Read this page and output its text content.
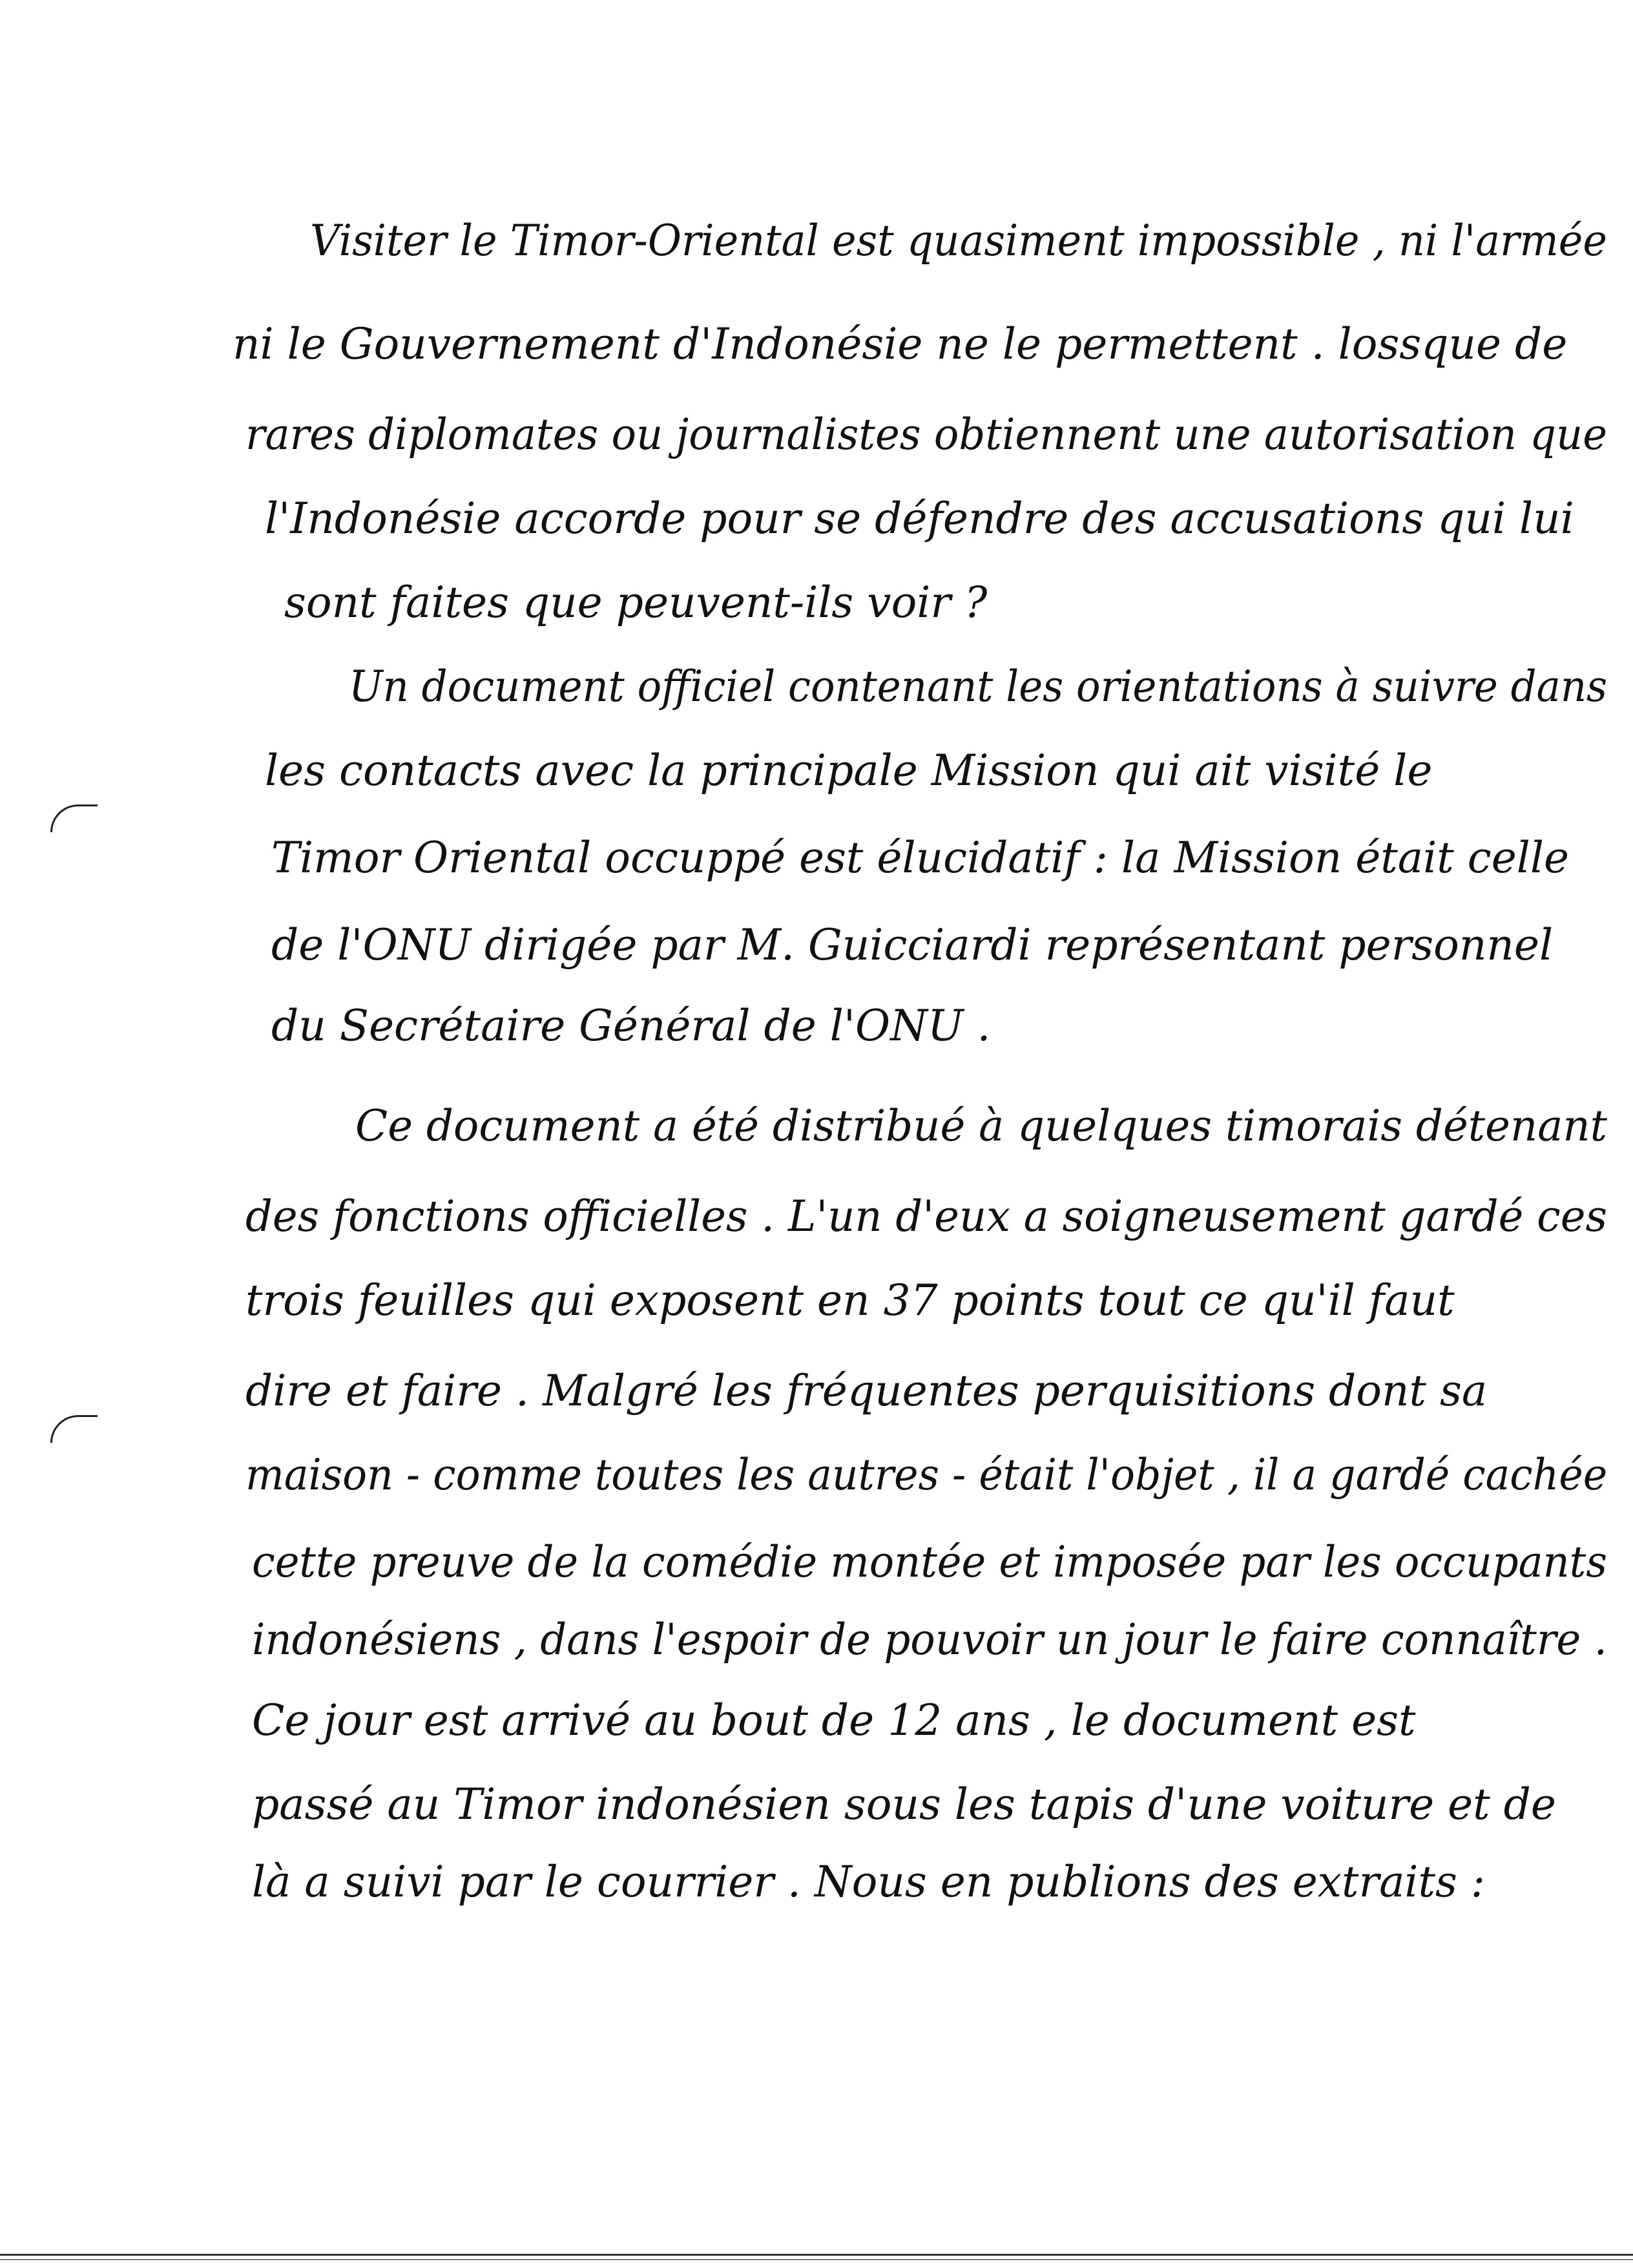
Visiter le Timor-Oriental est quasiment impossible , ni l'armée
ni le Gouvernement d'Indonésie ne le permettent . lossque de
rares diplomates ou journalistes obtiennent une autorisation que
l'Indonésie accorde pour se défendre des accusations qui lui
sont faites que peuvent-ils voir ?
Un document officiel contenant les orientations à suivre dans
les contacts avec la principale Mission qui ait visité le
Timor Oriental occuppé est élucidatif : la Mission était celle
de l'ONU dirigée par M. Guicciardi représentant personnel
du Secrétaire Général de l'ONU .
Ce document a été distribué à quelques timorais détenant
des fonctions officielles . L'un d'eux a soigneusement gardé ces
trois feuilles qui exposent en 37 points tout ce qu'il faut
dire et faire . Malgré les fréquentes perquisitions dont sa
maison - comme toutes les autres - était l'objet , il a gardé cachée
cette preuve de la comédie montée et imposée par les occupants
indonésiens , dans l'espoir de pouvoir un jour le faire connaître .
Ce jour est arrivé au bout de 12 ans , le document est
passé au Timor indonésien sous les tapis d'une voiture et de
là a suivi par le courrier . Nous en publions des extraits :
